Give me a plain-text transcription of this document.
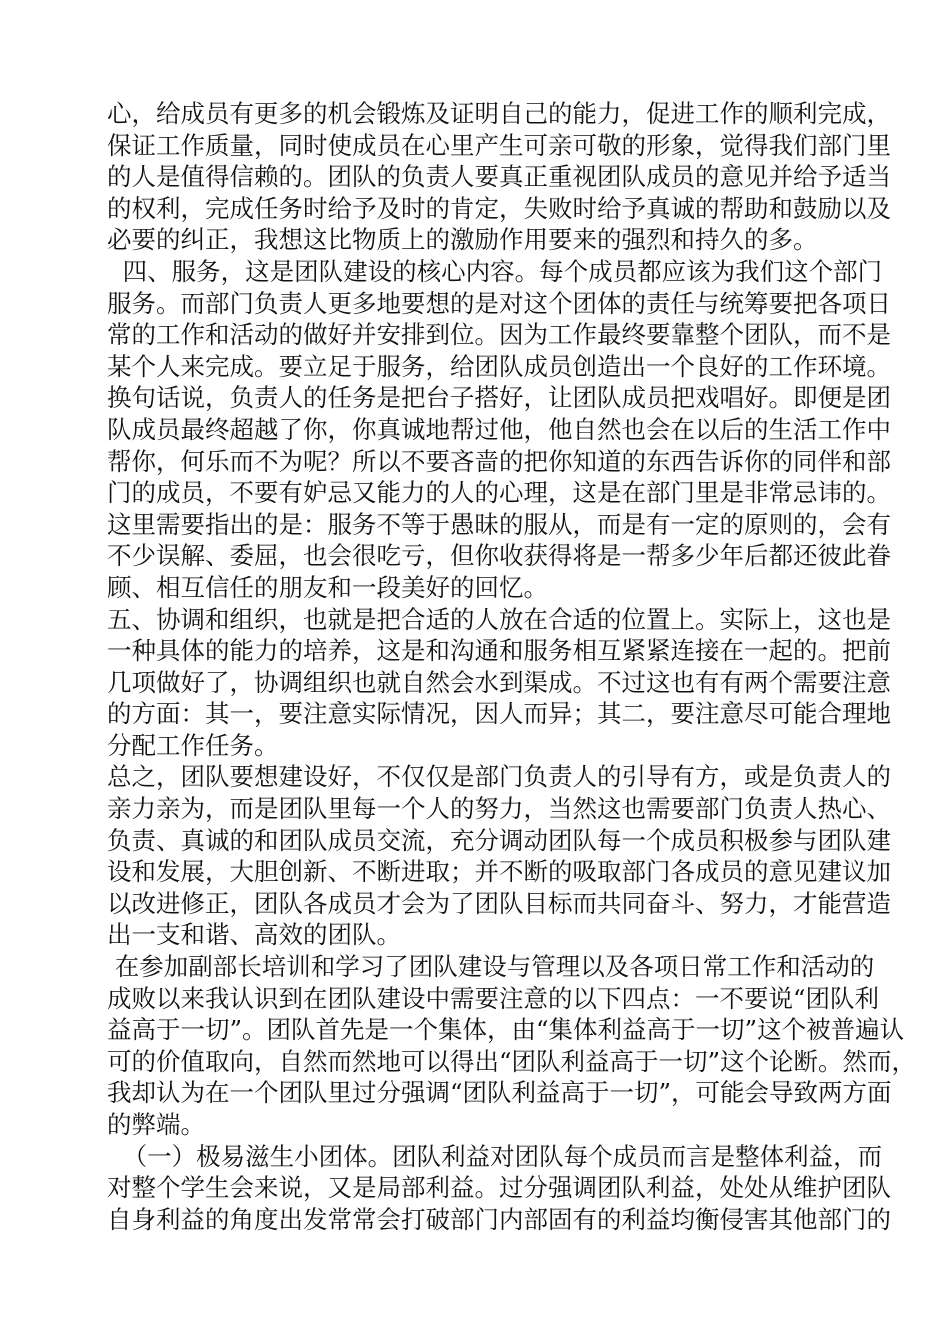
心，给成员有更多的机会锻炼及证明自己的能力，促进工作的顺利完成，
保证工作质量，同时使成员在心里产生可亲可敬的形象，觉得我们部门里
的人是值得信赖的。团队的负责人要真正重视团队成员的意见并给予适当
的权利，完成任务时给予及时的肯定，失败时给予真诚的帮助和鼓励以及
必要的纠正，我想这比物质上的激励作用要来的强烈和持久的多。
四、服务，这是团队建设的核心内容。每个成员都应该为我们这个部门
服务。而部门负责人更多地要想的是对这个团体的责任与统筹要把各项日
常的工作和活动的做好并安排到位。因为工作最终要靠整个团队，而不是
某个人来完成。要立足于服务，给团队成员创造出一个良好的工作环境。
换句话说，负责人的任务是把台子搭好，让团队成员把戏唱好。即便是团
队成员最终超越了你，你真诚地帮过他，他自然也会在以后的生活工作中
帮你，何乐而不为呢？所以不要吝啬的把你知道的东西告诉你的同伴和部
门的成员，不要有妒忌又能力的人的心理，这是在部门里是非常忌讳的。
这里需要指出的是：服务不等于愚昧的服从，而是有一定的原则的，会有
不少误解、委屈，也会很吃亏，但你收获得将是一帮多少年后都还彼此眷
顾、相互信任的朋友和一段美好的回忆。
五、协调和组织，也就是把合适的人放在合适的位置上。实际上，这也是
一种具体的能力的培养，这是和沟通和服务相互紧紧连接在一起的。把前
几项做好了，协调组织也就自然会水到渠成。不过这也有有两个需要注意
的方面：其一，要注意实际情况，因人而异；其二，要注意尽可能合理地
分配工作任务。
总之，团队要想建设好，不仅仅是部门负责人的引导有方，或是负责人的
亲力亲为，而是团队里每一个人的努力，当然这也需要部门负责人热心、
负责、真诚的和团队成员交流，充分调动团队每一个成员积极参与团队建
设和发展，大胆创新、不断进取；并不断的吸取部门各成员的意见建议加
以改进修正，团队各成员才会为了团队目标而共同奋斗、努力，才能营造
出一支和谐、高效的团队。
在参加副部长培训和学习了团队建设与管理以及各项日常工作和活动的
成败以来我认识到在团队建设中需要注意的以下四点：一不要说“团队利
益高于一切”。团队首先是一个集体，由“集体利益高于一切”这个被普遍认
可的价值取向，自然而然地可以得出“团队利益高于一切”这个论断。然而，
我却认为在一个团队里过分强调“团队利益高于一切”，可能会导致两方面
的弊端。
（一）极易滋生小团体。团队利益对团队每个成员而言是整体利益，而
对整个学生会来说，又是局部利益。过分强调团队利益，处处从维护团队
自身利益的角度出发常常会打破部门内部固有的利益均衡侵害其他部门的
